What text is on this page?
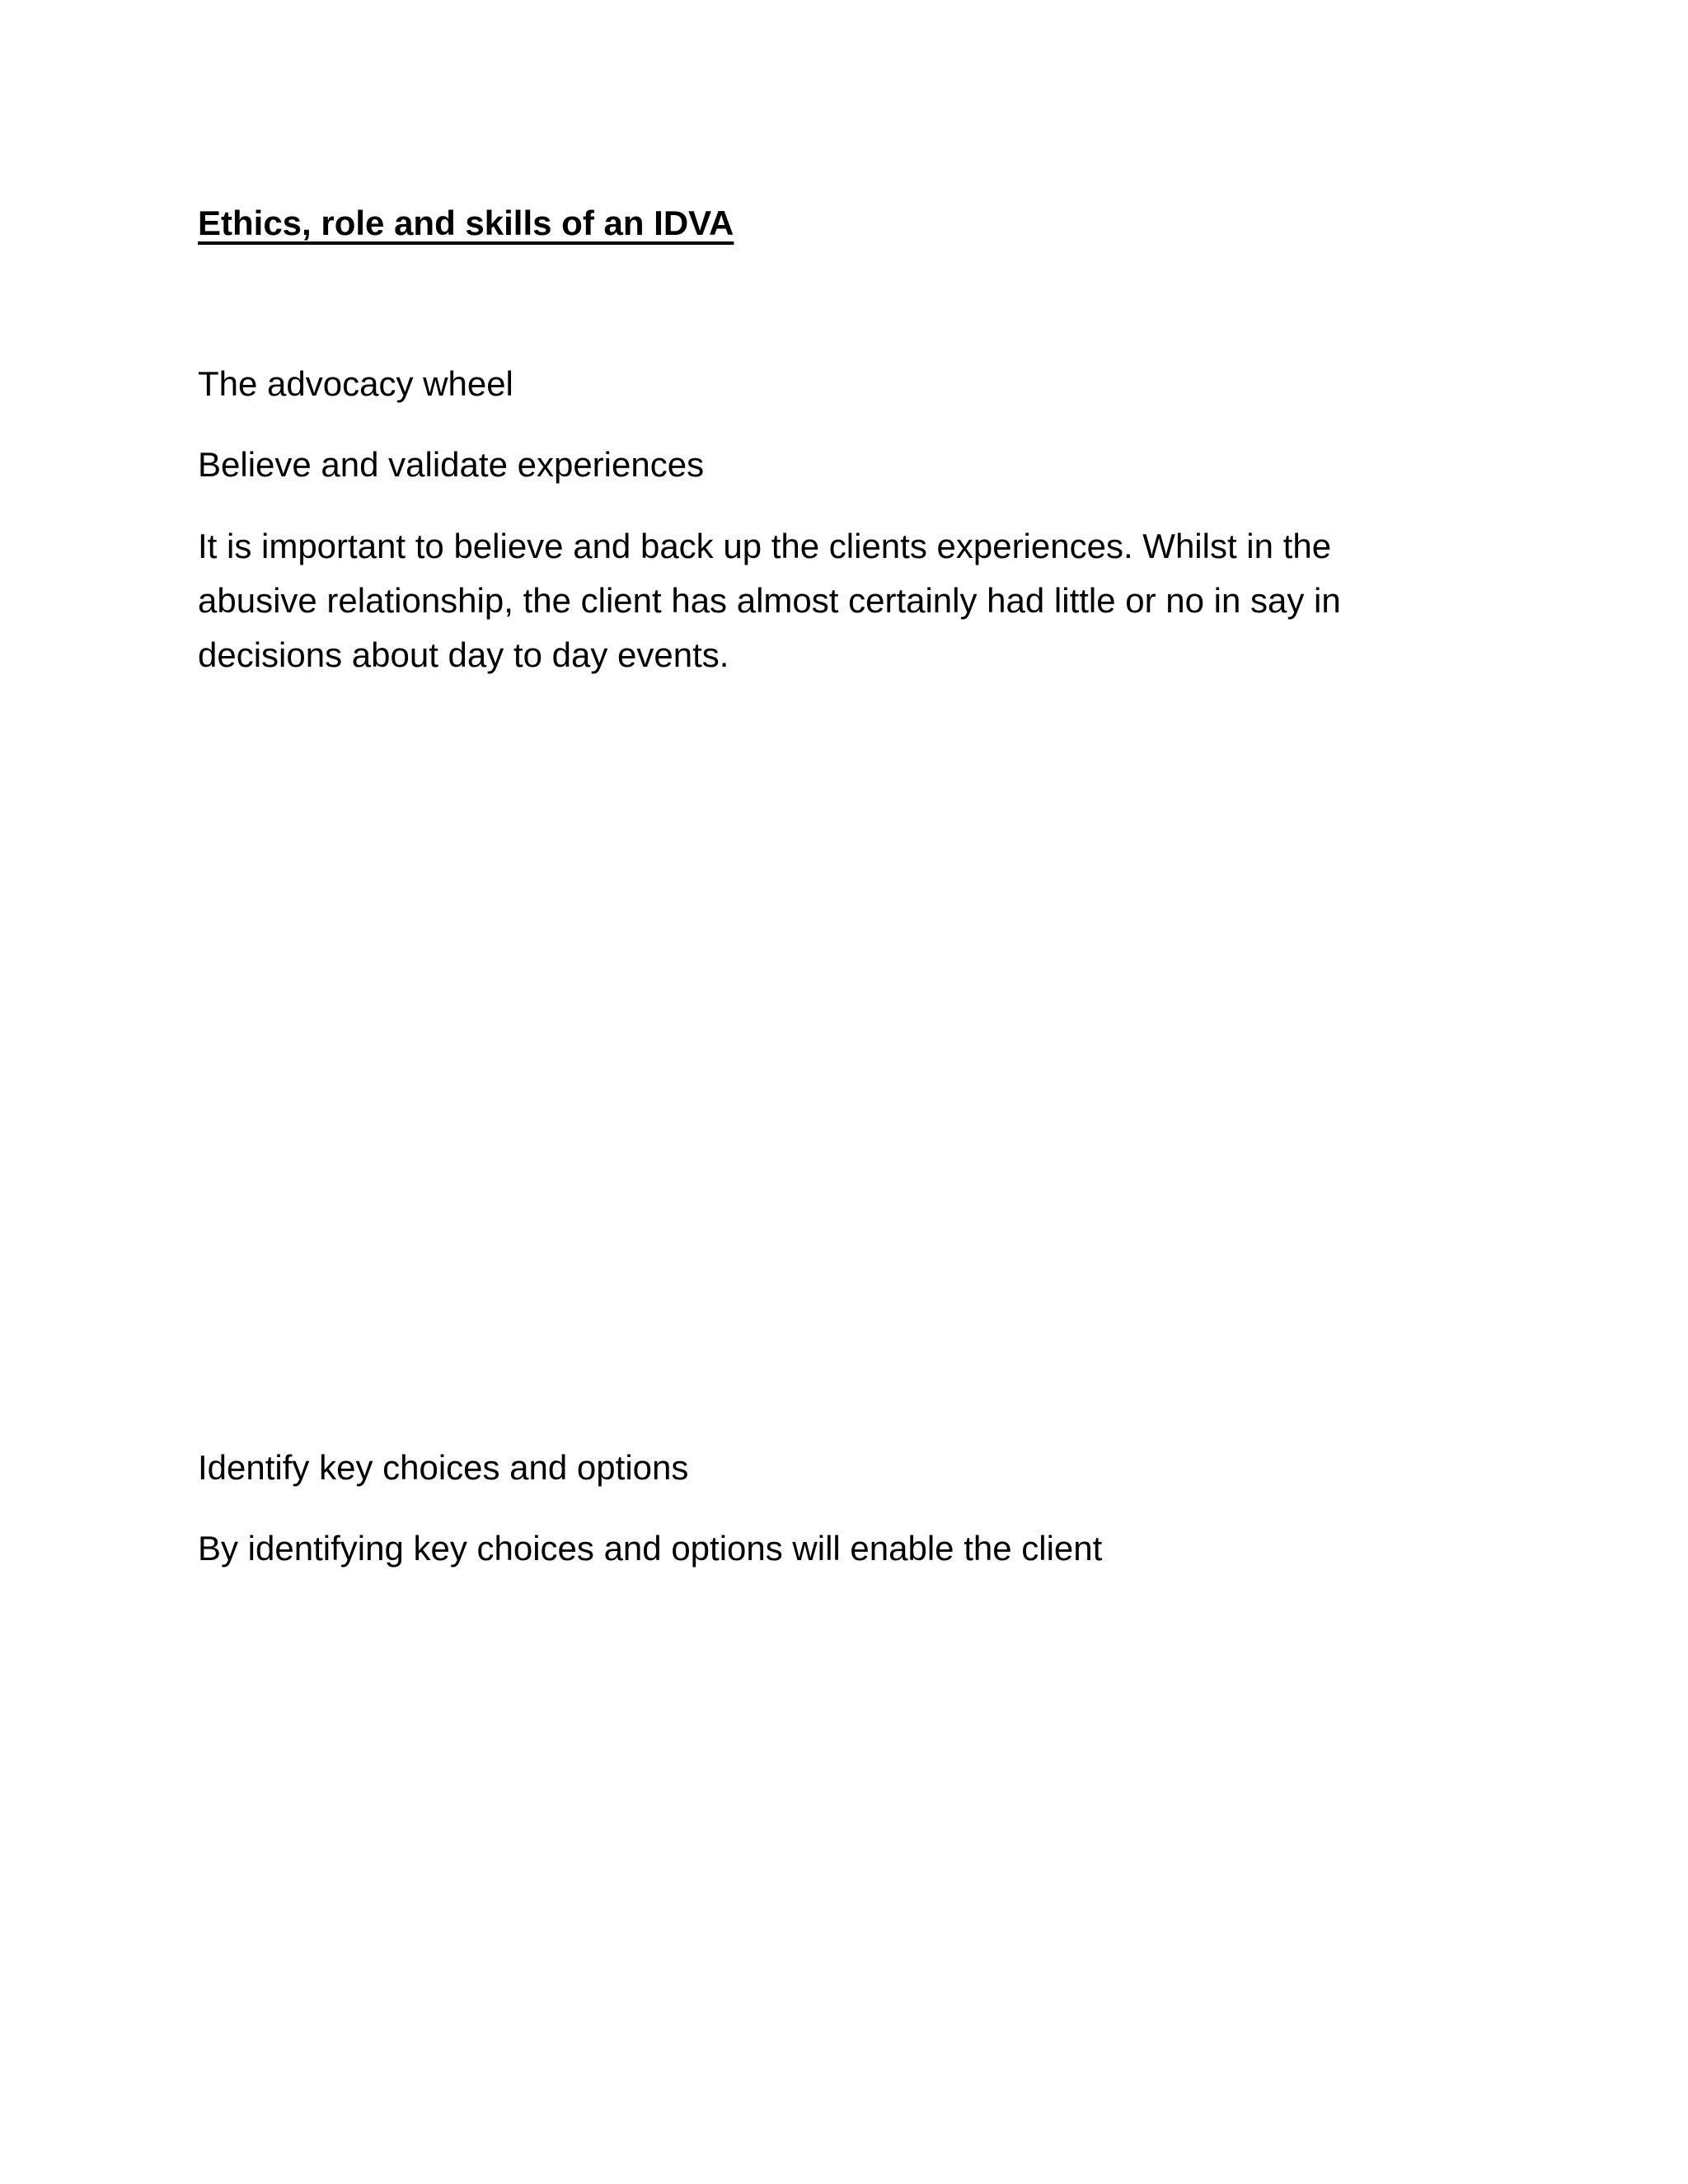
Ethics, role and skills of an IDVA
The advocacy wheel
Believe and validate experiences
It is important to believe and back up the clients experiences. Whilst in the abusive relationship, the client has almost certainly had little or no in say in decisions about day to day events.
Identify key choices and options
By identifying key choices and options will enable the client
